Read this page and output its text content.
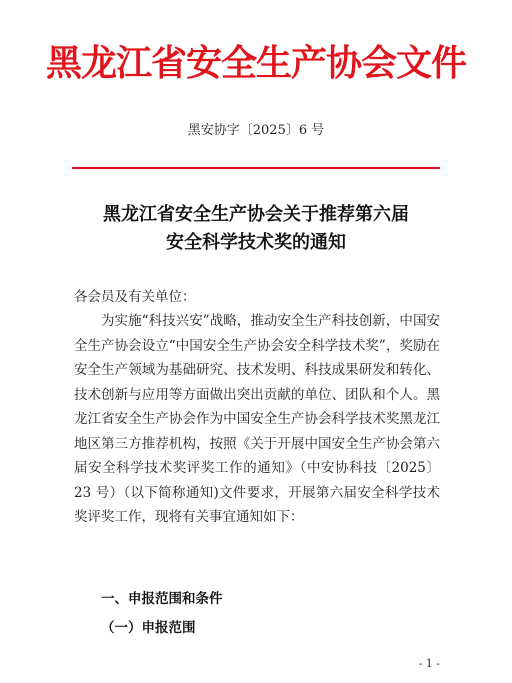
黑龙江省安全生产协会文件
黑安协字〔2025〕6 号
黑龙江省安全生产协会关于推荐第六届
安全科学技术奖的通知
各会员及有关单位：

为实施“科技兴安”战略，推动安全生产科技创新，中国安全生产协会设立“中国安全生产协会安全科学技术奖”，奖励在安全生产领域为基础研究、技术发明、科技成果研发和转化、技术创新与应用等方面做出突出贡献的单位、团队和个人。黑龙江省安全生产协会作为中国安全生产协会科学技术奖黑龙江地区第三方推荐机构，按照《关于开展中国安全生产协会第六届安全科学技术奖评奖工作的通知》（中安协科技〔2025〕23 号）（以下简称通知)文件要求，开展第六届安全科学技术奖评奖工作，现将有关事宜通知如下：

一、申报范围和条件
（一）申报范围
- 1 -
